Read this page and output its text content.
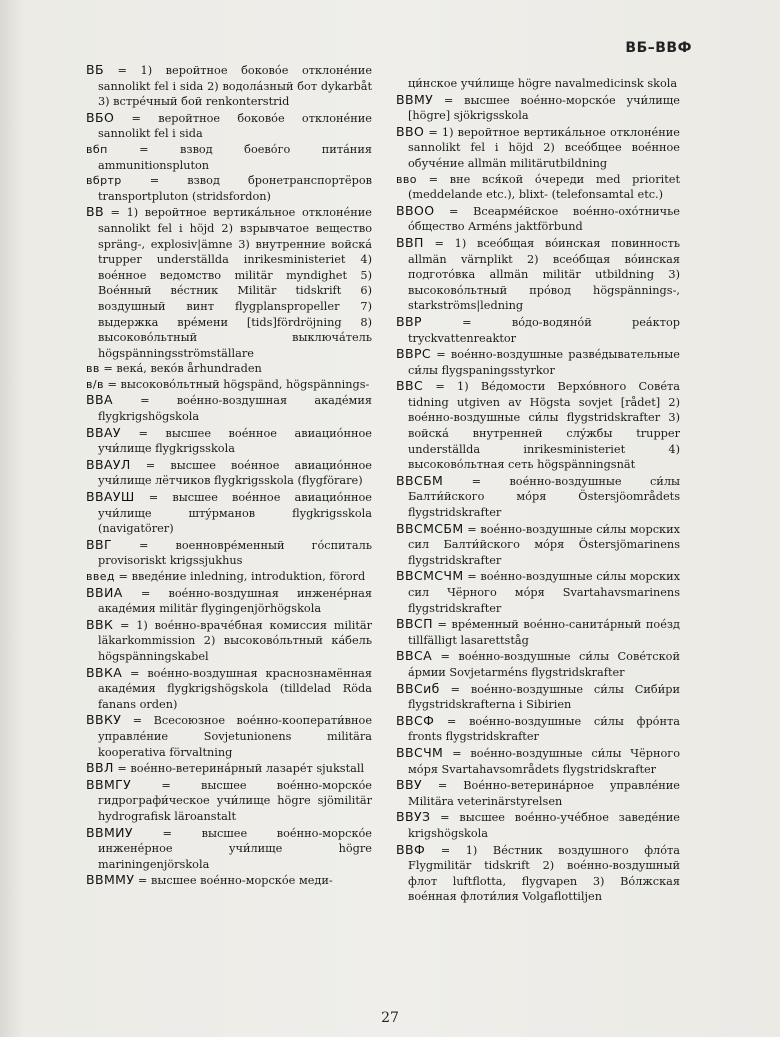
ВБ–ВВФ
ВБ = 1) веройтное боковóе отклонéние sannolikt fel i sida 2) водолáзный бот dykarbåt 3) встрéчный бой renkonterstrid
ВБО = веройтное боковóе отклонéние sannolikt fel i sida
вбп = взвод боевóго питáния ammunitionspluton
вбртр = взвод бронетранспортёров transportpluton (stridsfordon)
ВВ = 1) веройтное вертикáльное отклонéние sannolikt fel i höjd 2) взрывчатое вещество spräng-, explosiv|ämne 3) внутренние войскá trupper underställda inrikesministeriet 4) воéнное ведомство militär myndighet 5) Воéнный вéстник Militär tidskrift 6) воздушный винт flygplanspropeller 7) выдержка врéмени [tids]fördröjning 8) высоковóльтный выключáтель högspänningsströmställare
вв = векá, векóв århundraden
в/в = высоковóльтный högspänd, högspännings-
ВВА = воéнно-воздушная акадéмия flygkrigshögskola
ВВАУ = высшее воéнное авиациóнное учи́лище flygkrigsskola
ВВАУЛ = высшее воéнное авиациóнное учи́лище лётчиков flygkrigsskola (flygförare)
ВВАУШ = высшее воéнное авиациóнное учи́лище штýрманов flygkrigsskola (navigatörer)
ВВГ = военновре́менный гóспиталь provisoriskt krigssjukhus
введ = введéние inledning, introduktion, förord
ВВИА = воéнно-воздушная инженéрная акадéмия militär flygingenjörhögskola
ВВК = 1) воéнно-врачéбная комиссия militär läkarkommission 2) высоковóльтный кáбель högspänningskabel
ВВКА = воéнно-воздушная краснознамённая акадéмия flygkrigshögskola (tilldelad Röda fanans orden)
ВВКУ = Всесоюзное воéнно-кооперати́вное управлéние Sovjetunionens militära kooperativa förvaltning
ВВЛ = воéнно-ветеринáрный лазарéт sjukstall
ВВМГУ = высшее воéнно-морскóе гидрографи́ческое учи́лище högre sjömilitär hydrografisk läroanstalt
ВВМИУ = высшее воéнно-морскóе инженéрное учи́лище högre mariningenjörskola
ВВММУ = высшее воéнно-морскóе меди-
ци́нское учи́лище högre navalmedicinsk skola
ВВМУ = высшее воéнно-морскóе учи́лище [högre] sjökrigsskola
ВВО = 1) веройтное вертикáльное отклонéние sannolikt fel i höjd 2) всеóбщее воéнное обучéние allmän militärutbildning
вво = вне вся́кой óчереди med prioritet (meddelande etc.), blixt- (telefonsamtal etc.)
ВВОО = Всеармéйское воéнно-охóтничье óбщество Arméns jaktförbund
ВВП = 1) всеóбщая вóинская повинность allmän värnplikt 2) всеóбщая вóинская подготóвка allmän militär utbildning 3) высоковóльтный прóвод högspännings-, starkströms|ledning
ВВР = вóдо-водянóй реáктор tryckvattenreaktor
ВВРС = воéнно-воздушные развéдывательные си́лы flygspaningsstyrkor
ВВС = 1) Вéдомости Верхóвного Совéта tidning utgiven av Högsta sovjet [rådet] 2) воéнно-воздушные си́лы flygstridskrafter 3) войскá внутренней слýжбы trupper underställda inrikesministeriet 4) высоковóльтная сеть högspänningsnät
ВВСБМ = воéнно-воздушные си́лы Балти́йского мóря Östersjöområdets flygstridskrafter
ВВСМСБМ = воéнно-воздушные си́лы морских сил Балти́йского мóря Östersjömarinens flygstridskrafter
ВВСМСЧМ = воéнно-воздушные си́лы морских сил Чёрного мóря Svartahavsmarinens flygstridskrafter
ВВСП = врéменный воéнно-санитáрный поéзд tillfälligt lasarettståg
ВВСА = воéнно-воздушные си́лы Совéтской áрмии Sovjetarméns flygstridskrafter
ВВСиб = воéнно-воздушные си́лы Сиби́ри flygstridskrafterna i Sibirien
ВВСФ = воéнно-воздушные си́лы фрóнта fronts flygstridskrafter
ВВСЧМ = воéнно-воздушные си́лы Чёрного мóря Svartahavsområdets flygstridskrafter
ВВУ = Воéнно-ветеринáрное управлéние Militära veterinärstyrelsen
ВВУЗ = высшее воéнно-учéбное заведéние krigshögskola
ВВФ = 1) Вéстник воздушного флóта Flygmilitär tidskrift 2) воéнно-воздушный флот luftflotta, flygvapen 3) Вóлжская воéнная флоти́лия Volgaflottiljen
27
